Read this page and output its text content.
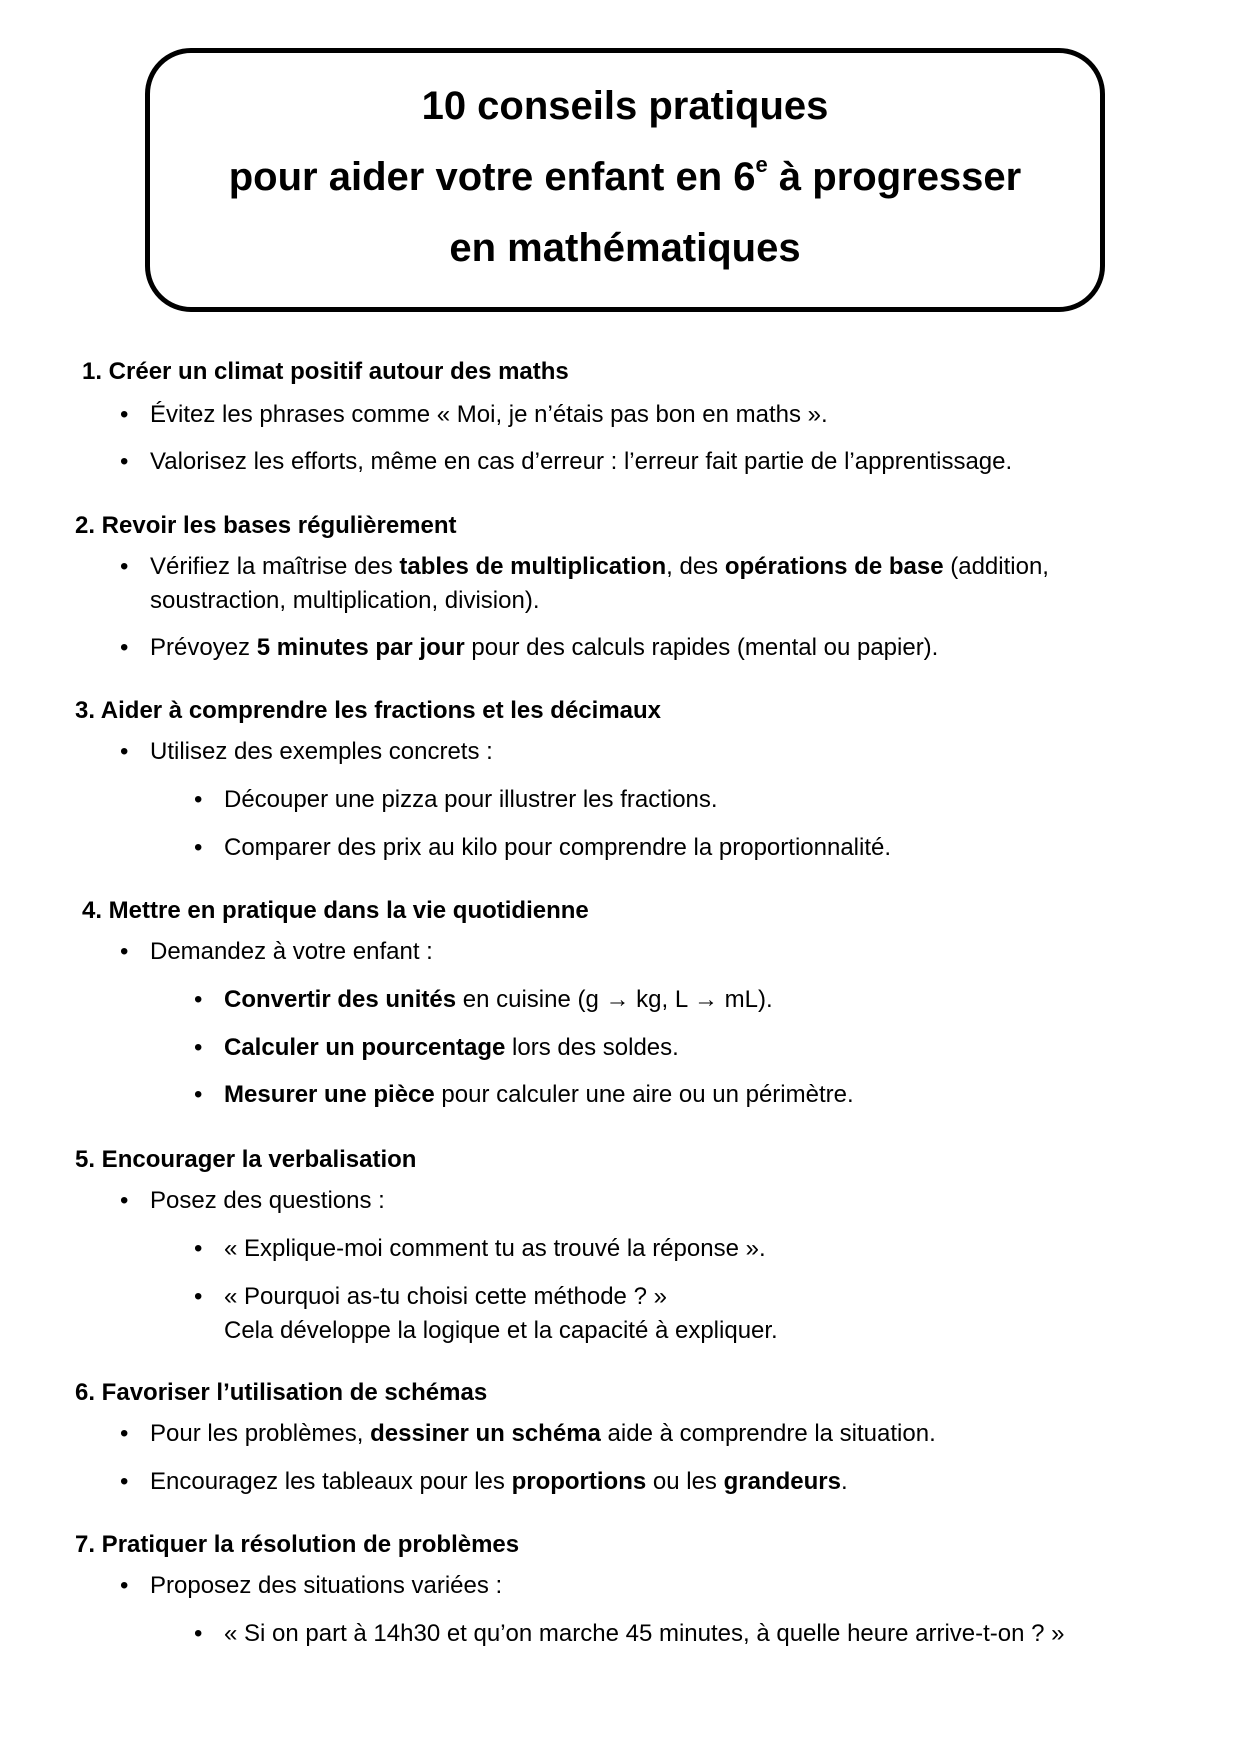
10 conseils pratiques
pour aider votre enfant en 6e à progresser
en mathématiques
1. Créer un climat positif autour des maths
• Évitez les phrases comme « Moi, je n’étais pas bon en maths ».
• Valorisez les efforts, même en cas d’erreur : l’erreur fait partie de l’apprentissage.
2. Revoir les bases régulièrement
• Vérifiez la maîtrise des tables de multiplication, des opérations de base (addition,
soustraction, multiplication, division).
• Prévoyez 5 minutes par jour pour des calculs rapides (mental ou papier).
3. Aider à comprendre les fractions et les décimaux
• Utilisez des exemples concrets :
• Découper une pizza pour illustrer les fractions.
• Comparer des prix au kilo pour comprendre la proportionnalité.
4. Mettre en pratique dans la vie quotidienne
• Demandez à votre enfant :
• Convertir des unités en cuisine (g → kg, L → mL).
• Calculer un pourcentage lors des soldes.
• Mesurer une pièce pour calculer une aire ou un périmètre.
5. Encourager la verbalisation
• Posez des questions :
• « Explique-moi comment tu as trouvé la réponse ».
• « Pourquoi as-tu choisi cette méthode ? »
Cela développe la logique et la capacité à expliquer.
6. Favoriser l’utilisation de schémas
• Pour les problèmes, dessiner un schéma aide à comprendre la situation.
• Encouragez les tableaux pour les proportions ou les grandeurs.
7. Pratiquer la résolution de problèmes
• Proposez des situations variées :
• « Si on part à 14h30 et qu’on marche 45 minutes, à quelle heure arrive-t-on ? »
